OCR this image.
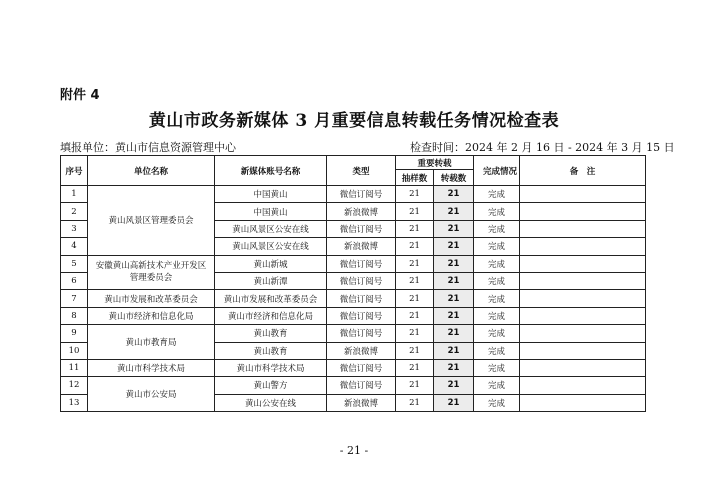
附件 4
黄山市政务新媒体 3 月重要信息转载任务情况检查表
填报单位：黄山市信息资源管理中心	检查时间：2024 年 2 月 16 日 - 2024 年 3 月 15 日
序号	单位名称	新媒体账号名称	类型	重要转载		完成情况	备　注
				抽样数	转载数		
1	黄山风景区管理委员会	中国黄山	微信订阅号	21	21	完成	
2		中国黄山	新浪微博	21	21	完成	
3		黄山风景区公安在线	微信订阅号	21	21	完成	
4		黄山风景区公安在线	新浪微博	21	21	完成	
5	安徽黄山高新技术产业开发区管理委员会	黄山新城	微信订阅号	21	21	完成	
6		黄山新潭	微信订阅号	21	21	完成	
7	黄山市发展和改革委员会	黄山市发展和改革委员会	微信订阅号	21	21	完成	
8	黄山市经济和信息化局	黄山市经济和信息化局	微信订阅号	21	21	完成	
9	黄山市教育局	黄山教育	微信订阅号	21	21	完成	
10		黄山教育	新浪微博	21	21	完成	
11	黄山市科学技术局	黄山市科学技术局	微信订阅号	21	21	完成	
12	黄山市公安局	黄山警方	微信订阅号	21	21	完成	
13		黄山公安在线	新浪微博	21	21	完成	
- 21 -
